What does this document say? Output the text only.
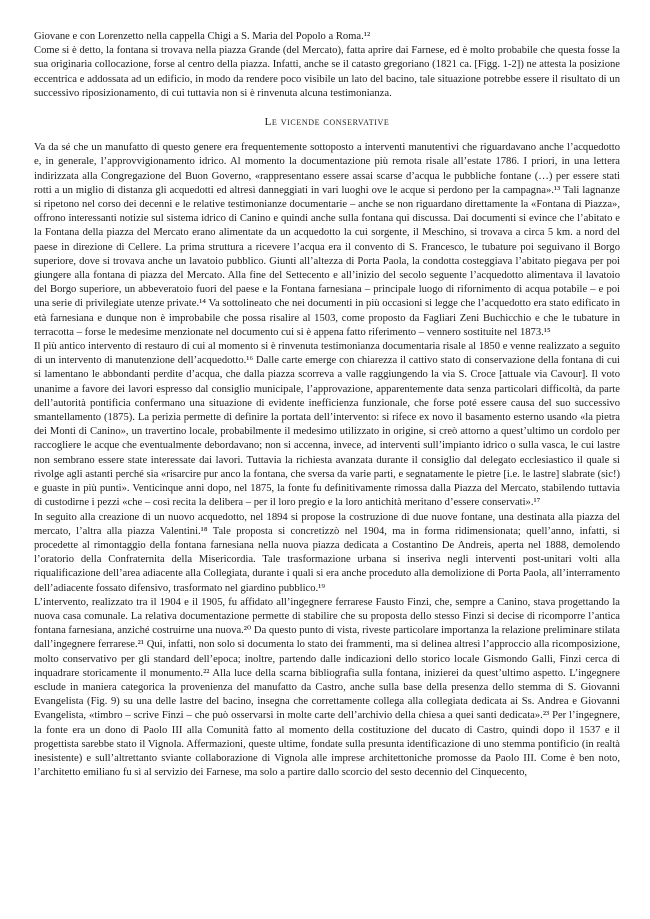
Giovane e con Lorenzetto nella cappella Chigi a S. Maria del Popolo a Roma.¹²

Come si è detto, la fontana si trovava nella piazza Grande (del Mercato), fatta aprire dai Farnese, ed è molto probabile che questa fosse la sua originaria collocazione, forse al centro della piazza. Infatti, anche se il catasto gregoriano (1821 ca. [Figg. 1-2]) ne attesta la posizione eccentrica e addossata ad un edificio, in modo da rendere poco visibile un lato del bacino, tale situazione potrebbe essere il risultato di un successivo riposizionamento, di cui tuttavia non si è rinvenuta alcuna testimonianza.

Le vicende conservative

Va da sé che un manufatto di questo genere era frequentemente sottoposto a interventi manutentivi che riguardavano anche l’acquedotto e, in generale, l’approvvigionamento idrico. Al momento la documentazione più remota risale all’estate 1786. I priori, in una lettera indirizzata alla Congregazione del Buon Governo, «rappresentano essere assai scarse d’acqua le pubbliche fontane (…) per essere stati rotti a un miglio di distanza gli acquedotti ed altresì danneggiati in vari luoghi ove le acque si perdono per la campagna».¹³ Tali lagnanze si ripetono nel corso dei decenni e le relative testimonianze documentarie – anche se non riguardano direttamente la «Fontana di Piazza», offrono interessanti notizie sul sistema idrico di Canino e quindi anche sulla fontana qui discussa. Dai documenti si evince che l’abitato e la Fontana della piazza del Mercato erano alimentate da un acquedotto la cui sorgente, il Meschino, si trovava a circa 5 km. a nord del paese in direzione di Cellere. La prima struttura a ricevere l’acqua era il convento di S. Francesco, le tubature poi seguivano il Borgo superiore, dove si trovava anche un lavatoio pubblico. Giunti all’altezza di Porta Paola, la condotta costeggiava l’abitato piegava per poi giungere alla fontana di piazza del Mercato. Alla fine del Settecento e all’inizio del secolo seguente l’acquedotto alimentava il lavatoio del Borgo superiore, un abbeveratoio fuori del paese e la Fontana farnesiana – principale luogo di rifornimento di acqua potabile – e poi una serie di privilegiate utenze private.¹⁴ Va sottolineato che nei documenti in più occasioni si legge che l’acquedotto era stato edificato in età farnesiana e dunque non è improbabile che possa risalire al 1503, come proposto da Fagliari Zeni Buchicchio e che le tubature in terracotta – forse le medesime menzionate nel documento cui si è appena fatto riferimento – vennero sostituite nel 1873.¹⁵

Il più antico intervento di restauro di cui al momento si è rinvenuta testimonianza documentaria risale al 1850 e venne realizzato a seguito di un intervento di manutenzione dell’acquedotto.¹⁶ Dalle carte emerge con chiarezza il cattivo stato di conservazione della fontana di cui si lamentano le abbondanti perdite d’acqua, che dalla piazza scorreva a valle raggiungendo la via S. Croce [attuale via Cavour]. Il voto unanime a favore dei lavori espresso dal consiglio municipale, l’approvazione, apparentemente data senza particolari difficoltà, da parte dell’autorità pontificia confermano una situazione di evidente inefficienza funzionale, che forse poté essere causa del suo successivo smantellamento (1875). La perizia permette di definire la portata dell’intervento: si rifece ex novo il basamento esterno usando «la pietra dei Monti di Canino», un travertino locale, probabilmente il medesimo utilizzato in origine, si creò attorno a quest’ultimo un cordolo per raccogliere le acque che eventualmente debordavano; non si accenna, invece, ad interventi sull’impianto idrico o sulla vasca, le cui lastre non sembrano essere state interessate dai lavori. Tuttavia la richiesta avanzata durante il consiglio dal delegato ecclesiastico il quale si rivolge agli astanti perché sia «risarcire pur anco la fontana, che sversa da varie parti, e segnatamente le pietre [i.e. le lastre] slabrate (sic!) e guaste in più punti». Venticinque anni dopo, nel 1875, la fonte fu definitivamente rimossa dalla Piazza del Mercato, stabilendo tuttavia di custodirne i pezzi «che – così recita la delibera – per il loro pregio e la loro antichità meritano d’essere conservati».¹⁷

In seguito alla creazione di un nuovo acquedotto, nel 1894 si propose la costruzione di due nuove fontane, una destinata alla piazza del mercato, l’altra alla piazza Valentini.¹⁸ Tale proposta si concretizzò nel 1904, ma in forma ridimensionata; quell’anno, infatti, si procedette al rimontaggio della fontana farnesiana nella nuova piazza dedicata a Costantino De Andreis, aperta nel 1888, demolendo l’oratorio della Confraternita della Misericordia. Tale trasformazione urbana si inseriva negli interventi post-unitari volti alla riqualificazione dell’area adiacente alla Collegiata, durante i quali si era anche proceduto alla demolizione di Porta Paola, all’interramento dell’adiacente fossato difensivo, trasformato nel giardino pubblico.¹⁹

L’intervento, realizzato tra il 1904 e il 1905, fu affidato all’ingegnere ferrarese Fausto Finzi, che, sempre a Canino, stava progettando la nuova casa comunale. La relativa documentazione permette di stabilire che su proposta dello stesso Finzi si decise di ricomporre l’antica fontana farnesiana, anziché costruirne una nuova.²⁰ Da questo punto di vista, riveste particolare importanza la relazione preliminare stilata dall’ingegnere ferrarese.²¹ Qui, infatti, non solo si documenta lo stato dei frammenti, ma si delinea altresì l’approccio alla ricomposizione, molto conservativo per gli standard dell’epoca; inoltre, partendo dalle indicazioni dello storico locale Gismondo Galli, Finzi cerca di inquadrare storicamente il monumento.²² Alla luce della scarna bibliografia sulla fontana, inizierei da quest’ultimo aspetto. L’ingegnere esclude in maniera categorica la provenienza del manufatto da Castro, anche sulla base della presenza dello stemma di S. Giovanni Evangelista (Fig. 9) su una delle lastre del bacino, insegna che correttamente collega alla collegiata dedicata ai Ss. Andrea e Giovanni Evangelista, «timbro – scrive Finzi – che può osservarsi in molte carte dell’archivio della chiesa a quei santi dedicata».²³ Per l’ingegnere, la fonte era un dono di Paolo III alla Comunità fatto al momento della costituzione del ducato di Castro, quindi dopo il 1537 e il progettista sarebbe stato il Vignola. Affermazioni, queste ultime, fondate sulla presunta identificazione di uno stemma pontificio (in realtà inesistente) e sull’altrettanto sviante collaborazione di Vignola alle imprese architettoniche promosse da Paolo III. Come è ben noto, l’architetto emiliano fu sì al servizio dei Farnese, ma solo a partire dallo scorcio del sesto decennio del Cinquecento,
